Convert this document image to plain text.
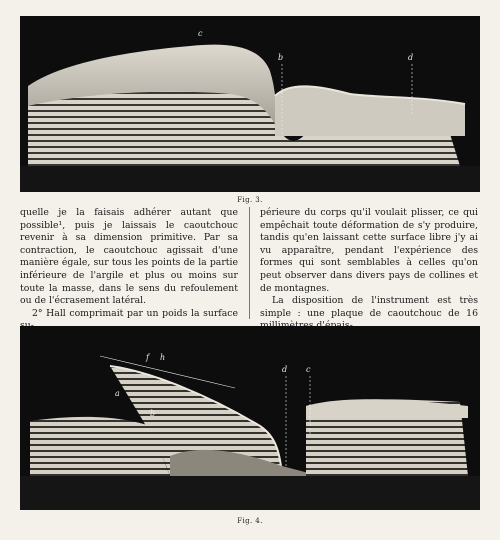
c
b	d
Fig. 3.

quelle je la faisais adhérer autant que possible¹, puis je laissais le caoutchouc revenir à sa dimension primitive. Par sa contraction, le caoutchouc agissait d'une manière égale, sur tous les points de la partie inférieure de l'argile et plus ou moins sur toute la masse, dans le sens du refoulement ou de l'écrasement latéral.

2° Hall comprimait par un poids la surface

périeure du corps qu'il voulait plisser, ce qui empêchait toute déformation de s'y produire, tandis qu'en laissant cette surface libre j'y ai vu apparaître, pendant l'expérience des formes qui sont semblables à celles qu'on peut observer dans divers pays de collines et de montagnes.

La disposition de l'instrument est très simple : une plaque de caoutchouc de 16

a
f h
b
d c
Fig. 4.
